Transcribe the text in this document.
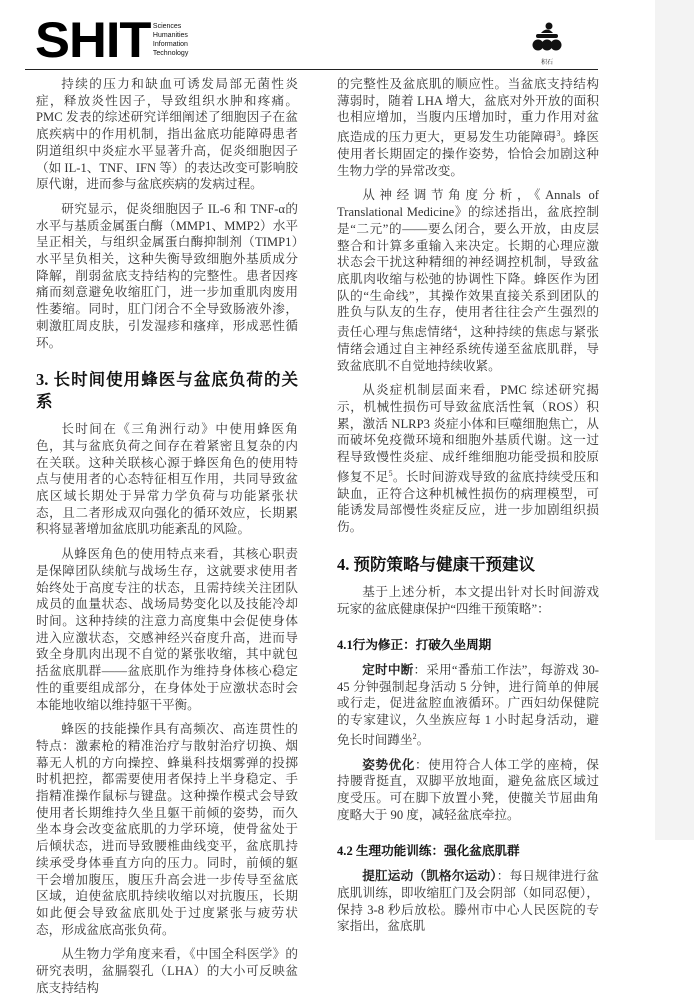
SHIT Sciences
Humanities
Information
Technology
积石

持续的压力和缺血可诱发局部无菌性炎症，释放炎性因子，导致组织水肿和疼痛。PMC 发表的综述研究详细阐述了细胞因子在盆底疾病中的作用机制，指出盆底功能障碍患者阴道组织中炎症水平显著升高，促炎细胞因子（如 IL-1、TNF、IFN 等）的表达改变可影响胶原代谢，进而参与盆底疾病的发病过程。

研究显示，促炎细胞因子 IL-6 和 TNF-α的水平与基质金属蛋白酶（MMP1、MMP2）水平呈正相关，与组织金属蛋白酶抑制剂（TIMP1）水平呈负相关，这种失衡导致细胞外基质成分降解，削弱盆底支持结构的完整性。患者因疼痛而刻意避免收缩肛门，进一步加重肌肉废用性萎缩。同时，肛门闭合不全导致肠液外渗，刺激肛周皮肤，引发湿疹和瘙痒，形成恶性循环。

3. 长时间使用蜂医与盆底负荷的关系

长时间在《三角洲行动》中使用蜂医角色，其与盆底负荷之间存在着紧密且复杂的内在关联。这种关联核心源于蜂医角色的使用特点与使用者的心态特征相互作用，共同导致盆底区域长期处于异常力学负荷与功能紧张状态，且二者形成双向强化的循环效应，长期累积将显著增加盆底肌功能紊乱的风险。

从蜂医角色的使用特点来看，其核心职责是保障团队续航与战场生存，这就要求使用者始终处于高度专注的状态，且需持续关注团队成员的血量状态、战场局势变化以及技能冷却时间。这种持续的注意力高度集中会促使身体进入应激状态，交感神经兴奋度升高，进而导致全身肌肉出现不自觉的紧张收缩，其中就包括盆底肌群——盆底肌作为维持身体核心稳定性的重要组成部分，在身体处于应激状态时会本能地收缩以维持躯干平衡。

蜂医的技能操作具有高频次、高连贯性的特点：激素枪的精准治疗与散射治疗切换、烟幕无人机的方向操控、蜂巢科技烟雾弹的投掷时机把控，都需要使用者保持上半身稳定、手指精准操作鼠标与键盘。这种操作模式会导致使用者长期维持久坐且躯干前倾的姿势，而久坐本身会改变盆底肌的力学环境，使骨盆处于后倾状态，进而导致腰椎曲线变平，盆底肌持续承受身体垂直方向的压力。同时，前倾的躯干会增加腹压，腹压升高会进一步传导至盆底区域，迫使盆底肌持续收缩以对抗腹压，长期如此便会导致盆底肌处于过度紧张与疲劳状态，形成盆底高张负荷。

从生物力学角度来看，《中国全科医学》的研究表明，盆膈裂孔（LHA）的大小可反映盆底支持结构

的完整性及盆底肌的顺应性。当盆底支持结构薄弱时，随着 LHA 增大，盆底对外开放的面积也相应增加，当腹内压增加时，重力作用对盆底造成的压力更大，更易发生功能障碍$^3$。蜂医使用者长期固定的操作姿势，恰恰会加剧这种生物力学的异常改变。

从神经调节角度分析，《Annals of Translational Medicine》的综述指出，盆底控制是“二元”的——要么闭合，要么开放，由皮层整合和计算多重输入来决定。长期的心理应激状态会干扰这种精细的神经调控机制，导致盆底肌肉收缩与松弛的协调性下降。蜂医作为团队的“生命线”，其操作效果直接关系到团队的胜负与队友的生存，使用者往往会产生强烈的责任心理与焦虑情绪$^4$，这种持续的焦虑与紧张情绪会通过自主神经系统传递至盆底肌群，导致盆底肌不自觉地持续收紧。

从炎症机制层面来看，PMC 综述研究揭示，机械性损伤可导致盆底活性氧（ROS）积累，激活 NLRP3 炎症小体和巨噬细胞焦亡，从而破坏免疫微环境和细胞外基质代谢。这一过程导致慢性炎症、成纤维细胞功能受损和胶原修复不足$^5$。长时间游戏导致的盆底持续受压和缺血，正符合这种机械性损伤的病理模型，可能诱发局部慢性炎症反应，进一步加剧组织损伤。

4. 预防策略与健康干预建议

基于上述分析，本文提出针对长时间游戏玩家的盆底健康保护“四维干预策略”：

4.1行为修正：打破久坐周期

定时中断：采用“番茄工作法”，每游戏 30-45 分钟强制起身活动 5 分钟，进行简单的伸展或行走，促进盆腔血液循环。广西妇幼保健院的专家建议，久坐族应每 1 小时起身活动，避免长时间蹲坐$^2$。

姿势优化：使用符合人体工学的座椅，保持腰背挺直，双脚平放地面，避免盆底区域过度受压。可在脚下放置小凳，使髋关节屈曲角度略大于 90 度，减轻盆底牵拉。

4.2 生理功能训练：强化盆底肌群

提肛运动（凯格尔运动）：每日规律进行盆底肌训练，即收缩肛门及会阴部（如同忍便），保持 3-8 秒后放松。滕州市中心人民医院的专家指出，盆底肌
